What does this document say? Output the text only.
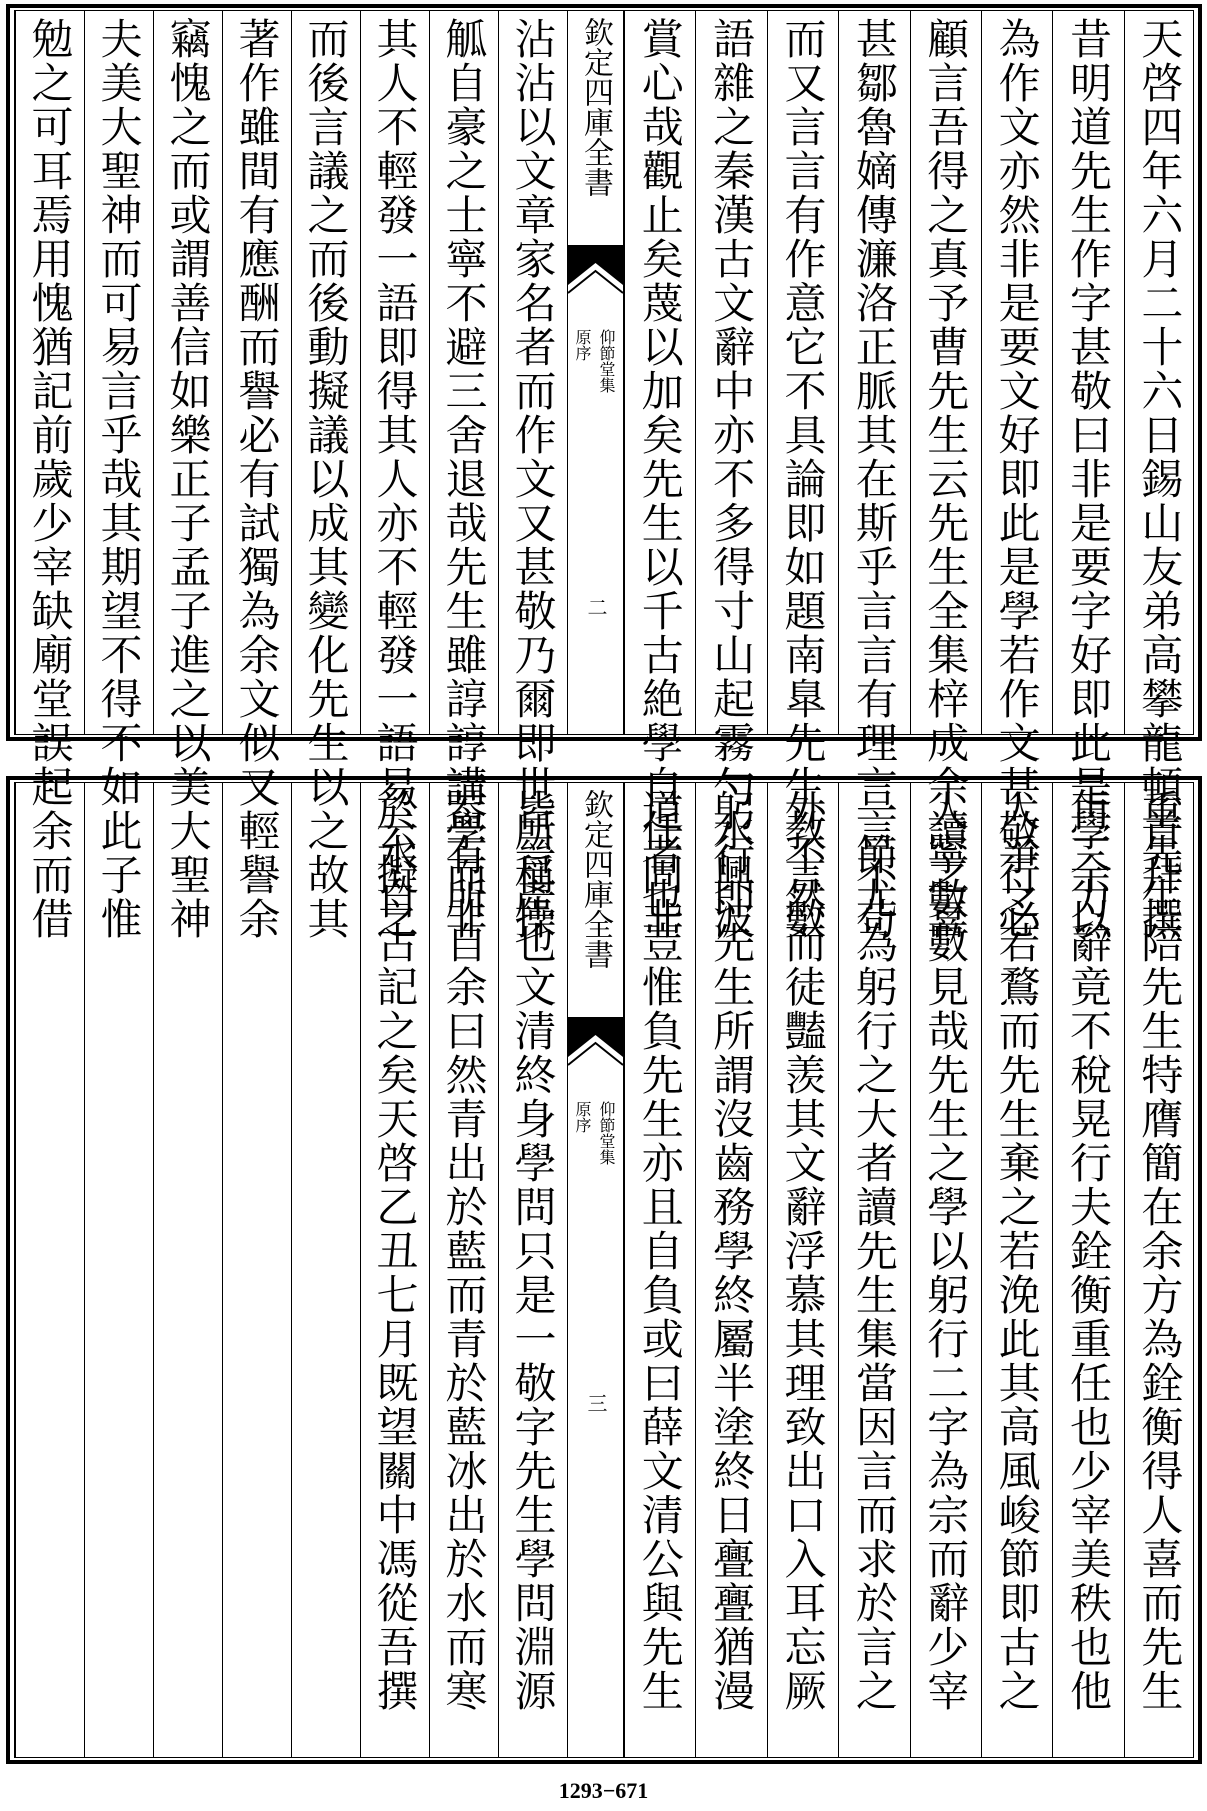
天啓四年六月二十六日錫山友弟高攀龍頓首拜撰
昔明道先生作字甚敬曰非是要字好即此是學余以
為作文亦然非是要文好即此是學若作文甚敬行必
顧言吾得之真予曹先生云先生全集梓成余讀之喜
甚鄒魯嫡傳濂洛正脈其在斯乎言言有理言言不苟
而又言言有作意它不具論即如題南臯先生教言數
語雜之秦漢古文辭中亦不多得寸山起霧勺水興波
賞心哉觀止矣蔑以加矣先生以千古絶學自任固非
欽定四庫全書
仰節堂集
原序
二
沾沾以文章家名者而作文又甚敬乃爾即世所稱操
觚自豪之士寧不避三舍退哉先生雖諄諄講學而非
其人不輕發一語即得其人亦不輕發一語易云擬之
而後言議之而後動擬議以成其變化先生以之故其
著作雖間有應酬而譽必有試獨為余文似又輕譽余
竊愧之而或謂善信如樂正子孟子進之以美大聖神
夫美大聖神而可易言乎哉其期望不得不如此子惟
勉之可耳焉用愧猶記前歲少宰缺廟堂誤起余而借
重先生陪先生特膺簡在余方為銓衡得人喜而先生
再三力辭竟不稅晃行夫銓衡重任也少宰美秩也他
人爭之若鶩而先生棄之若浼此其高風峻節即古之
人寧數數見哉先生之學以躬行二字為宗而辭少宰
一節尤為躬行之大者讀先生集當因言而求於言之
外不然而徒豔羡其文辭浮慕其理致出口入耳忘厥
躬行即先生所謂沒齒務學終屬半塗終日亹亹猶漫
道者也豈惟負先生亦且自負或曰薛文清公與先生
欽定四庫全書
仰節堂集
原序
三
皆晉產也文清終身學問只是一敬字先生學問淵源
葢有所自余曰然青出於藍而青於藍冰出於水而寒
於水自古記之矣天啓乙丑七月既望關中馮從吾撰
1293−671
